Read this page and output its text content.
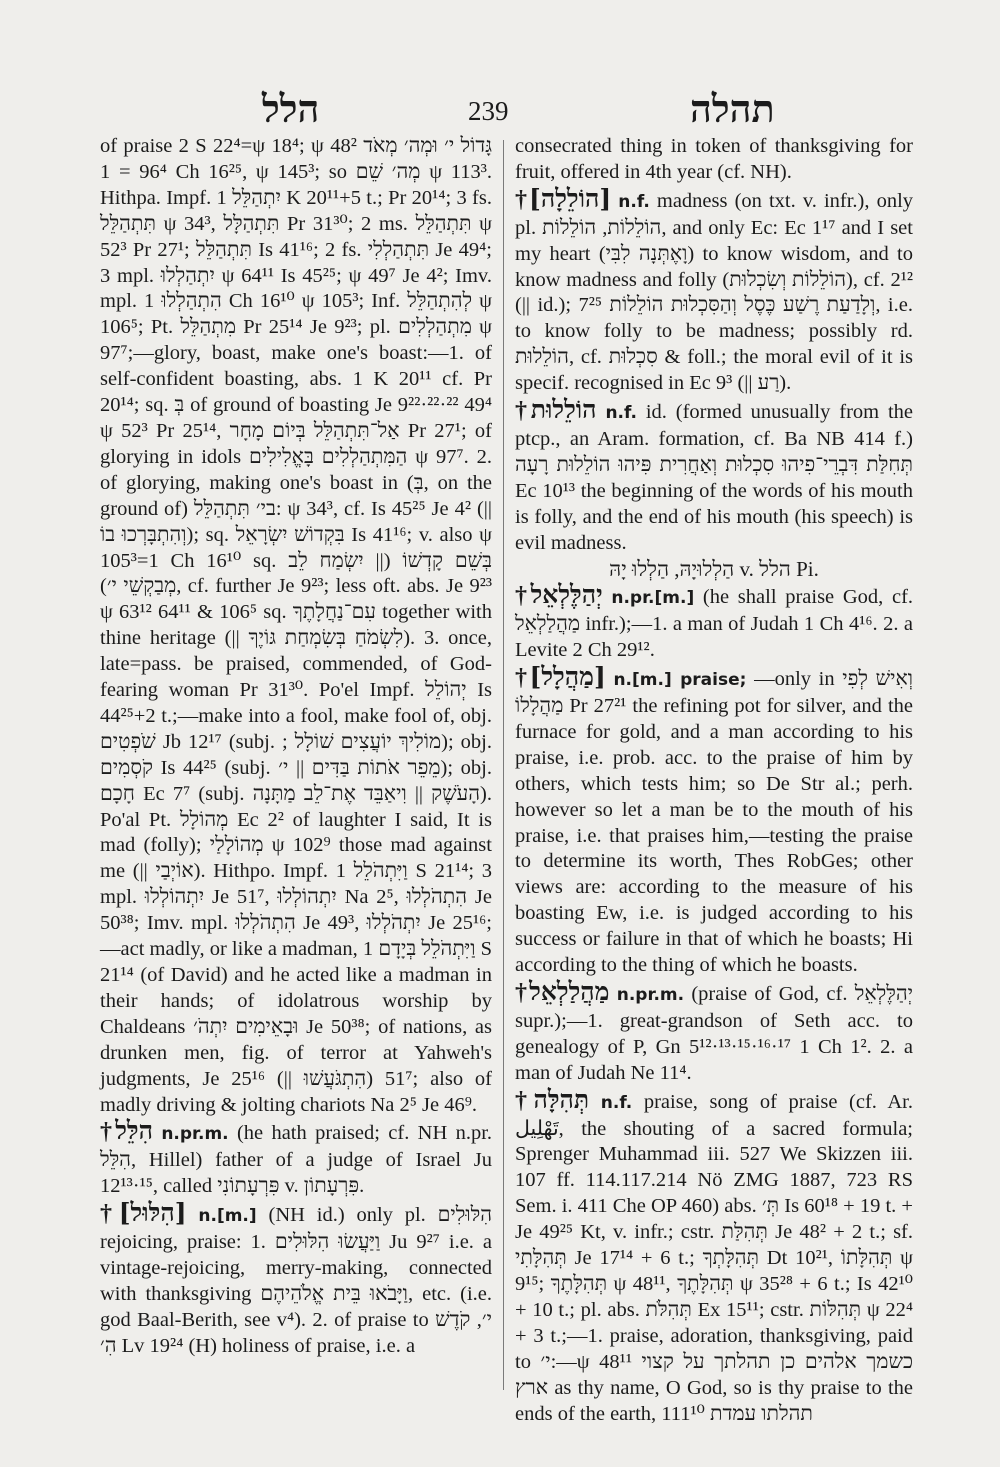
הלל	239	תהלה

of praise 2 S 22⁴=ψ 18⁴; ψ 48² גָּדוֹל י׳ וּמְה׳ מְאֹד 96⁴ = 1 Ch 16²⁵, ψ 145³; so מְה׳ שֵׁם ψ 113³. Hithpa. Impf. יִתְהַלֵּל 1 K 20¹¹+5 t.; Pr 20¹⁴; 3 fs. תִּתְהַלֵּל ψ 34³, תִּתְהַלָּל Pr 31³⁰; 2 ms. תִּתְהַלֵּל ψ 52³ Pr 27¹; תִּתְהַלֵּל Is 41¹⁶; 2 fs. תִּתְהַלְלִי Je 49⁴; 3 mpl. יִתְהַלְלוּ ψ 64¹¹ Is 45²⁵; ψ 49⁷ Je 4²; Imv. mpl. הִתְהַלְלוּ 1 Ch 16¹⁰ ψ 105³; Inf. לְהִתְהַלֵּל ψ 106⁵; Pt. מִתְהַלֵּל Pr 25¹⁴ Je 9²³; pl. מִתְהַלְלִים ψ 97⁷;—glory, boast, make one's boast:—1. of self-confident boasting, abs. 1 K 20¹¹ cf. Pr 20¹⁴; sq. בְּ of ground of boasting Je 9²²·²²·²² 49⁴ ψ 52³ Pr 25¹⁴, אַל־תִּתְהַלֵּל בְּיוֹם מָחָר Pr 27¹; of glorying in idols הַמִּתְהַלְלִים בָּאֱלִילִים ψ 97⁷. 2. of glorying, making one's boast in (בְּ, on the ground of) בי׳ תִּתְהַלֵּל: ψ 34³, cf. Is 45²⁵ Je 4² (|| וְהִתְבָּרְכוּ בוֹ); sq. בִּקְדוֹשׁ יִשְׂרָאֵל Is 41¹⁶; v. also ψ 105³=1 Ch 16¹⁰ sq. בְּשֵׁם קָדְשׁוֹ (|| יִשְׂמַח לֵב מְבַקְשֵׁי י׳), cf. further Je 9²³; less oft. abs. Je 9²³ ψ 63¹² 64¹¹ & 106⁵ sq. עִם־נַחֲלָתֶךָ together with thine heritage (|| לִשְׂמֹחַ בְּשִׂמְחַת גּוֹיֶךָ). 3. once, late=pass. be praised, commended, of God-fearing woman Pr 31³⁰. Po'el Impf. יְהוֹלֵל Is 44²⁵+2 t.;—make into a fool, make fool of, obj. שֹׁפְטִים Jb 12¹⁷ (subj. ; מוֹלִיךְ יוֹעֲצִים שׁוֹלָל); obj. קֹסְמִים Is 44²⁵ (subj. מֵפֵר אֹתוֹת בַּדִּים || י׳); obj. חָכָם Ec 7⁷ (subj. הָעֹשֶׁק || וִיאַבֵּד אֶת־לֵב מַתָּנָה). Po'al Pt. מְהוֹלָל Ec 2² of laughter I said, It is mad (folly); מְהוֹלָלַי ψ 102⁹ those mad against me (|| אוֹיְבַי). Hithpo. Impf. וַיִּתְהֹלֵל 1 S 21¹⁴; 3 mpl. יִתְהוֹלְלוּ Je 51⁷, יִתְהוֹלְלוּ Na 2⁵, הִתְהֹלְלוּ Je 50³⁸; Imv. mpl. הִתְהֹלְלוּ Je 49³, יִתְהֹלְלוּ Je 25¹⁶;—act madly, or like a madman, וַיִּתְהֹלֵל בְּיָדָם 1 S 21¹⁴ (of David) and he acted like a madman in their hands; of idolatrous worship by Chaldeans וּבָאֵימִים יִתְהֹ׳ Je 50³⁸; of nations, as drunken men, fig. of terror at Yahweh's judgments, Je 25¹⁶ (|| הִתְגֹּעֲשׁוּ) 51⁷; also of madly driving & jolting chariots Na 2⁵ Je 46⁹.

†הִלֵּל n.pr.m. (he hath praised; cf. NH n.pr. הִלֵּל, Hillel) father of a judge of Israel Ju 12¹³·¹⁵, called פִּרְעָתוֹנִי v. פִּרְעָתוֹן.

†[הִלּוּל] n.[m.] (NH id.) only pl. הִלּוּלִים rejoicing, praise: 1. וַיַּעֲשׂוּ הִלּוּלִים Ju 9²⁷ i.e. a vintage-rejoicing, merry-making, connected with thanksgiving וַיָּבֹאוּ בֵּית אֱלֹהֵיהֶם, etc. (i.e. god Baal-Berith, see v⁴). 2. of praise to י׳, קֹדֶשׁ הִ׳ Lv 19²⁴ (H) holiness of praise, i.e. a

consecrated thing in token of thanksgiving for fruit, offered in 4th year (cf. NH).

†[הוֹלֵלָה] n.f. madness (on txt. v. infr.), only pl. הוֹלֵלוֹת, הוֹלֵלוֹת, and only Ec: Ec 1¹⁷ and I set my heart (וָאֶתְּנָה לִבִּי) to know wisdom, and to know madness and folly (הוֹלֵלוֹת וְשִׂכְלוּת), cf. 2¹² (|| id.); וְלָדַעַת רֶשַׁע כֶּסֶל וְהַסִּכְלוּת הוֹלֵלוֹת 7²⁵, i.e. to know folly to be madness; possibly rd. הוֹלֵלוּת, cf. סִכְלוּת & foll.; the moral evil of it is specif. recognised in Ec 9³ (|| רַע).

†הוֹלֵלוּת n.f. id. (formed unusually from the ptcp., an Aram. formation, cf. Ba NB 414 f.) תְּחִלַּת דִּבְרֵי־פִיהוּ סִכְלוּת וְאַחֲרִית פִּיהוּ הוֹלֵלוּת רָעָה Ec 10¹³ the beginning of the words of his mouth is folly, and the end of his mouth (his speech) is evil madness.

הַלְלוּיָהּ, הַלְלוּ יָהּ v. הלל Pi.

†יְהַלֶּלְאֵל n.pr.[m.] (he shall praise God, cf. מַהֲלַלְאֵל infr.);—1. a man of Judah 1 Ch 4¹⁶. 2. a Levite 2 Ch 29¹².

†[מַהֲלָל] n.[m.] praise; —only in וְאִישׁ לְפִי מַהֲלָלוֹ Pr 27²¹ the refining pot for silver, and the furnace for gold, and a man according to his praise, i.e. prob. acc. to the praise of him by others, which tests him; so De Str al.; perh. however so let a man be to the mouth of his praise, i.e. that praises him,—testing the praise to determine its worth, Thes RobGes; other views are: according to the measure of his boasting Ew, i.e. is judged according to his success or failure in that of which he boasts; Hi according to the thing of which he boasts.

†מַהֲלַלְאֵל n.pr.m. (praise of God, cf. יְהַלֶּלְאֵל supr.);—1. great-grandson of Seth acc. to genealogy of P, Gn 5¹²·¹³·¹⁵·¹⁶·¹⁷ 1 Ch 1². 2. a man of Judah Ne 11⁴.

†תְּהִלָּה n.f. praise, song of praise (cf. Ar. تَهْلِيل, the shouting of a sacred formula; Sprenger Muhammad iii. 527 We Skizzen iii. 107 ff. 114.117.214 Nö ZMG 1887, 723 RS Sem. i. 411 Che OP 460) abs. תְּ׳ Is 60¹⁸ + 19 t. + Je 49²⁵ Kt, v. infr.; cstr. תְּהִלַּת Je 48² + 2 t.; sf. תְּהִלָּתִי Je 17¹⁴ + 6 t.; תְּהִלָּתְךָ Dt 10²¹, תְּהִלָּתוֹ ψ 9¹⁵; תְּהִלָּתֶךָ ψ 48¹¹, תְּהִלָּתֶךָ ψ 35²⁸ + 6 t.; Is 42¹⁰ + 10 t.; pl. abs. תְּהִלֹּת Ex 15¹¹; cstr. תְּהִלּוֹת ψ 22⁴ + 3 t.;—1. praise, adoration, thanksgiving, paid to י׳:—ψ 48¹¹ כשמך אלהים כן תהלתך על קצוי ארץ as thy name, O God, so is thy praise to the ends of the earth, 111¹⁰ תהלתו עמדת
